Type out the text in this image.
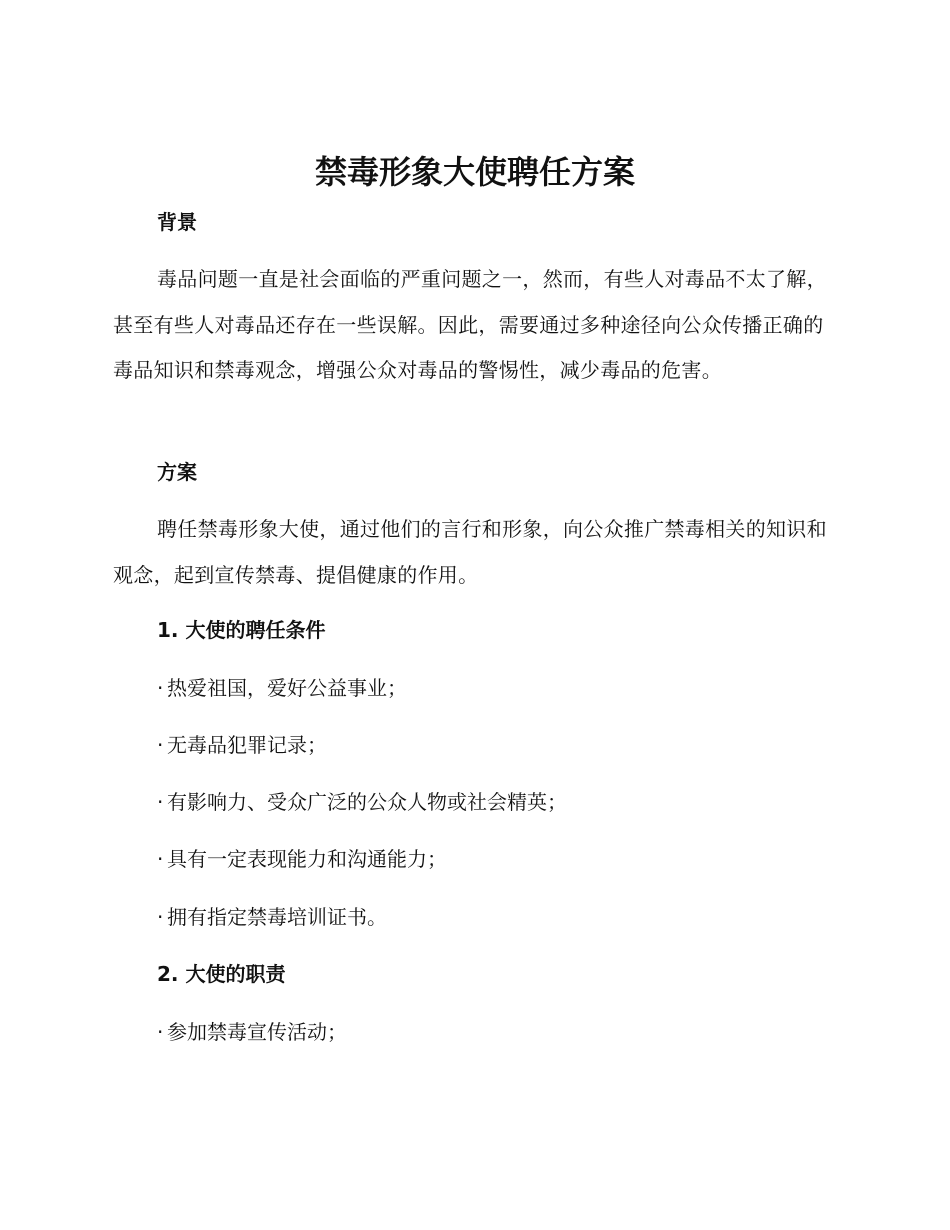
禁毒形象大使聘任方案
背景

毒品问题一直是社会面临的严重问题之一，然而，有些人对毒品不太了解，甚至有些人对毒品还存在一些误解。因此，需要通过多种途径向公众传播正确的毒品知识和禁毒观念，增强公众对毒品的警惕性，减少毒品的危害。

方案

聘任禁毒形象大使，通过他们的言行和形象，向公众推广禁毒相关的知识和观念，起到宣传禁毒、提倡健康的作用。

1. 大使的聘任条件

· 热爱祖国，爱好公益事业；

· 无毒品犯罪记录；

· 有影响力、受众广泛的公众人物或社会精英；

· 具有一定表现能力和沟通能力；

· 拥有指定禁毒培训证书。

2. 大使的职责

· 参加禁毒宣传活动；
